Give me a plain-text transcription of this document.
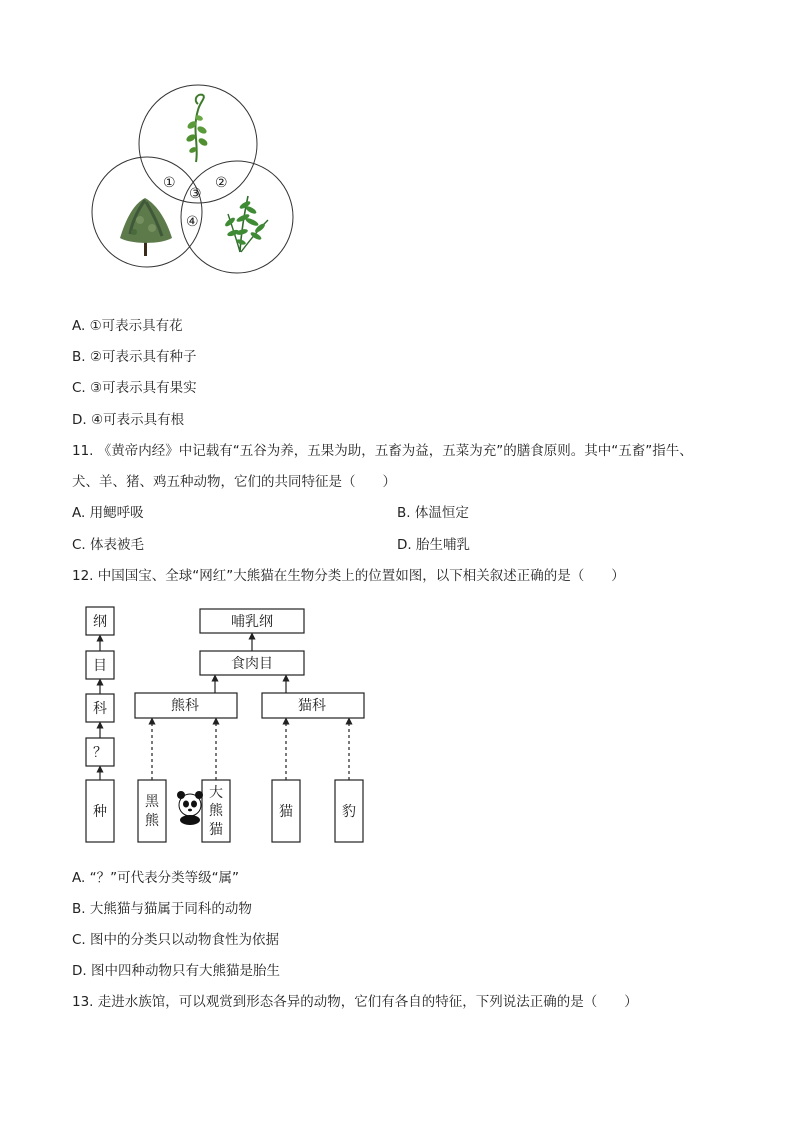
①
③
②
④
A. ①可表示具有花
B. ②可表示具有种子
C. ③可表示具有果实
D. ④可表示具有根
11. 《黄帝内经》中记载有“五谷为养，五果为助，五畜为益，五菜为充”的膳食原则。其中“五畜”指牛、
犬、羊、猪、鸡五种动物，它们的共同特征是（　　）
A. 用鳃呼吸	B. 体温恒定
C. 体表被毛	D. 胎生哺乳
12. 中国国宝、全球“网红”大熊猫在生物分类上的位置如图，以下相关叙述正确的是（　　）
纲
目
科
？
种
哺乳纲
食肉目
熊科	猫科
黑
熊
大
熊
猫
猫	豹
A. “？”可代表分类等级“属”
B. 大熊猫与猫属于同科的动物
C. 图中的分类只以动物食性为依据
D. 图中四种动物只有大熊猫是胎生
13. 走进水族馆，可以观赏到形态各异的动物，它们有各自的特征，下列说法正确的是（　　）
